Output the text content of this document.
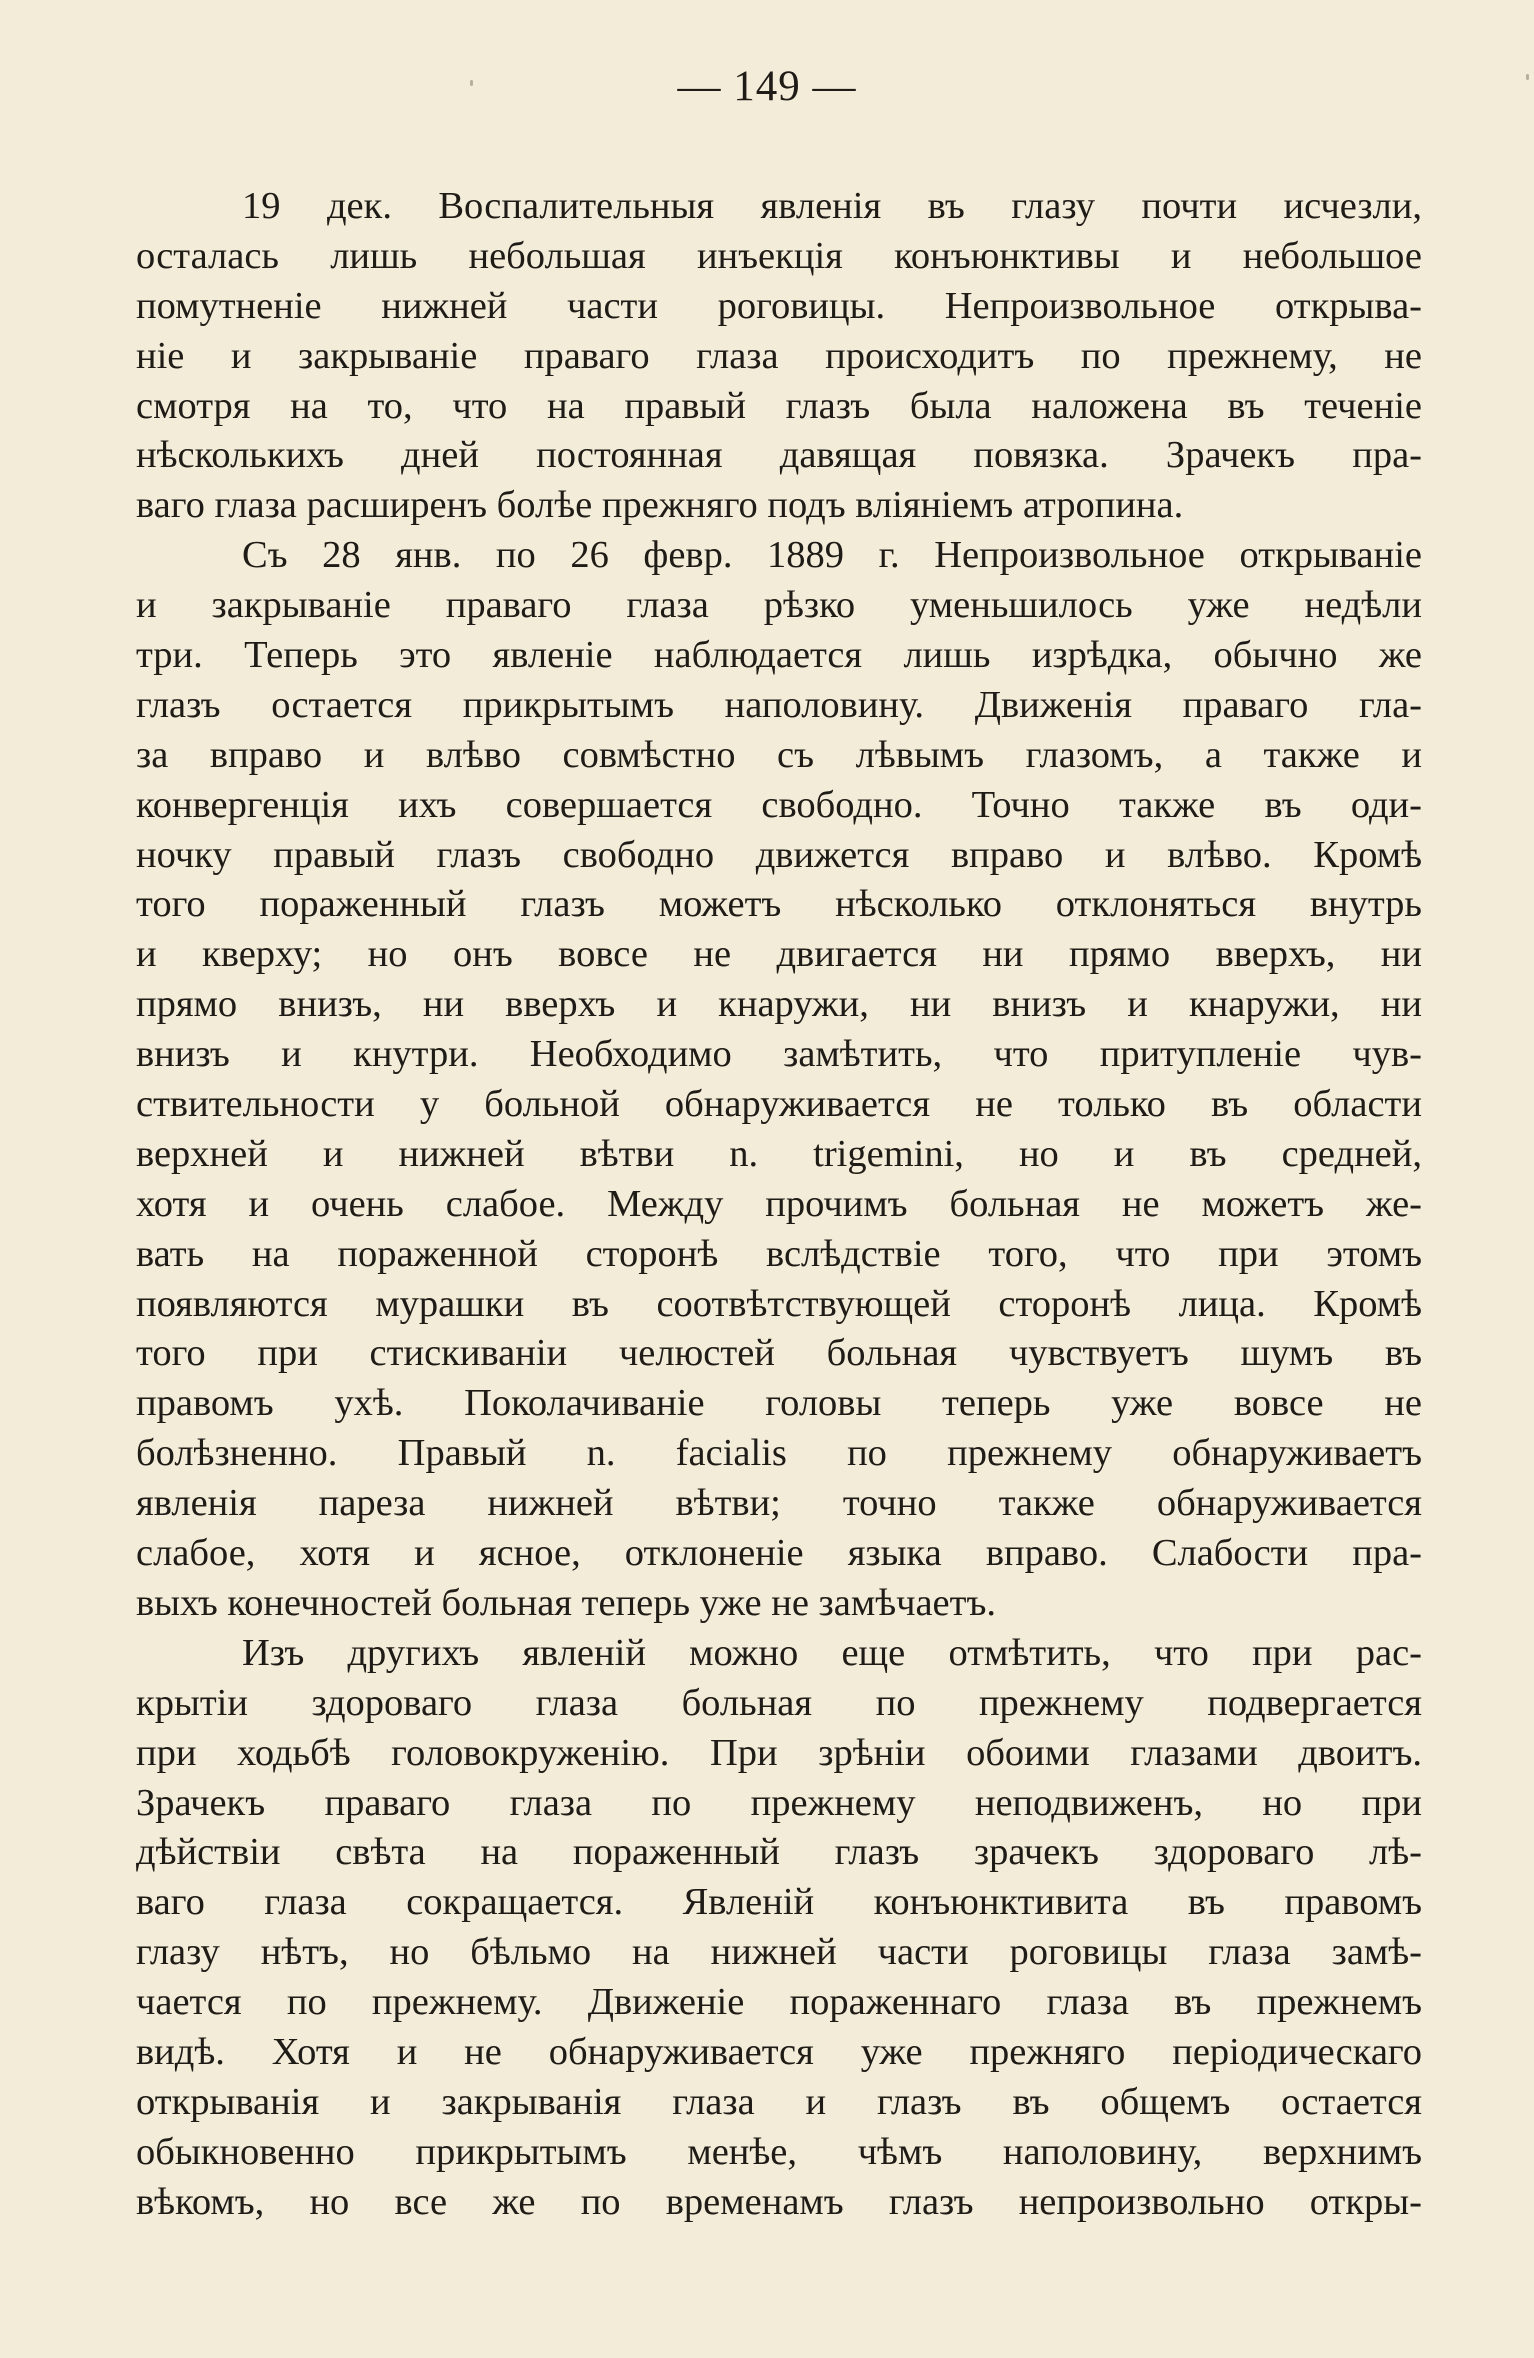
— 149 —
19 дек. Воспалительныя явленія въ глазу почти исчезли,
осталась лишь небольшая инъекція конъюнктивы и небольшое
помутненіе нижней части роговицы. Непроизвольное открыва-
ніе и закрываніе праваго глаза происходитъ по прежнему, не
смотря на то, что на правый глазъ была наложена въ теченіе
нѣсколькихъ дней постоянная давящая повязка. Зрачекъ пра-
ваго глаза расширенъ болѣе прежняго подъ вліяніемъ атропина.
Съ 28 янв. по 26 февр. 1889 г. Непроизвольное открываніе
и закрываніе праваго глаза рѣзко уменьшилось уже недѣли
три. Теперь это явленіе наблюдается лишь изрѣдка, обычно же
глазъ остается прикрытымъ наполовину. Движенія праваго гла-
за вправо и влѣво совмѣстно съ лѣвымъ глазомъ, а также и
конвергенція ихъ совершается свободно. Точно также въ оди-
ночку правый глазъ свободно движется вправо и влѣво. Кромѣ
того пораженный глазъ можетъ нѣсколько отклоняться внутрь
и кверху; но онъ вовсе не двигается ни прямо вверхъ, ни
прямо внизъ, ни вверхъ и кнаружи, ни внизъ и кнаружи, ни
внизъ и кнутри. Необходимо замѣтить, что притупленіе чув-
ствительности у больной обнаруживается не только въ области
верхней и нижней вѣтви n. trigemini, но и въ средней,
хотя и очень слабое. Между прочимъ больная не можетъ же-
вать на пораженной сторонѣ вслѣдствіе того, что при этомъ
появляются мурашки въ соотвѣтствующей сторонѣ лица. Кромѣ
того при стискиваніи челюстей больная чувствуетъ шумъ въ
правомъ ухѣ. Поколачиваніе головы теперь уже вовсе не
болѣзненно. Правый n. facialis по прежнему обнаруживаетъ
явленія пареза нижней вѣтви; точно также обнаруживается
слабое, хотя и ясное, отклоненіе языка вправо. Слабости пра-
выхъ конечностей больная теперь уже не замѣчаетъ.
Изъ другихъ явленій можно еще отмѣтить, что при рас-
крытіи здороваго глаза больная по прежнему подвергается
при ходьбѣ головокруженію. При зрѣніи обоими глазами двоитъ.
Зрачекъ праваго глаза по прежнему неподвиженъ, но при
дѣйствіи свѣта на пораженный глазъ зрачекъ здороваго лѣ-
ваго глаза сокращается. Явленій конъюнктивита въ правомъ
глазу нѣтъ, но бѣльмо на нижней части роговицы глаза замѣ-
чается по прежнему. Движеніе пораженнаго глаза въ прежнемъ
видѣ. Хотя и не обнаруживается уже прежняго періодическаго
открыванія и закрыванія глаза и глазъ въ общемъ остается
обыкновенно прикрытымъ менѣе, чѣмъ наполовину, верхнимъ
вѣкомъ, но все же по временамъ глазъ непроизвольно откры-
